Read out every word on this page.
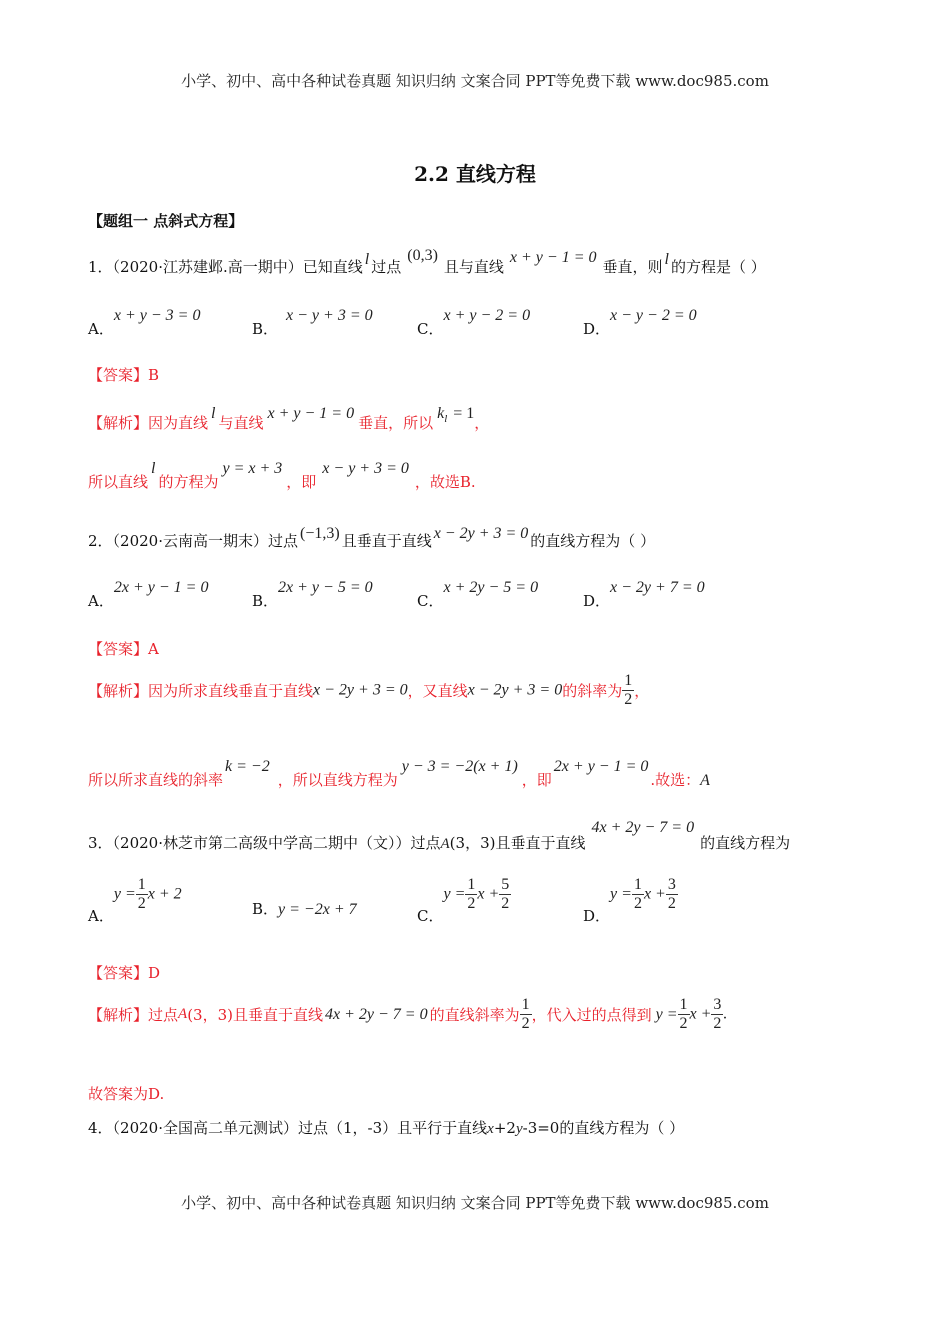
小学、初中、高中各种试卷真题 知识归纳 文案合同 PPT等免费下载 www.doc985.com
2.2 直线方程
【题组一 点斜式方程】
1．（2020·江苏建邺.高一期中）已知直线 l 过点(0,3)且与直线x + y − 1 = 0垂直，则 l 的方程是（ ）
A．x + y − 3 = 0
B．x − y + 3 = 0
C．x + y − 2 = 0
D．x − y − 2 = 0
【答案】B
【解析】因为直线l与直线x + y − 1 = 0垂直，所以$k_l = 1$，
所以直线l的方程为y = x + 3，即x − y + 3 = 0，故选B.
2．（2020·云南高一期末）过点 (−1,3) 且垂直于直线 x − 2y + 3 = 0 的直线方程为（ ）
A．2x + y − 1 = 0
B．2x + y − 5 = 0
C．x + 2y − 5 = 0
D．x − 2y + 7 = 0
【答案】A
【解析】因为所求直线垂直于直线x − 2y + 3 = 0，又直线x − 2y + 3 = 0的斜率为 $\frac{1}{2}$ ，
所以所求直线的斜率k = −2，所以直线方程为y − 3 = −2(x + 1)，即2x + y − 1 = 0.故选：A
3．（2020·林芝市第二高级中学高二期中（文））过点A(3，3)且垂直于直线4x + 2y − 7 = 0的直线方程为
A．$y = \frac{1}{2}$ x + 2
B．y = −2x + 7	C．$y = \frac{1}{2}$ $x + \frac{5}{2}$
D．$y = \frac{1}{2}$ $x + \frac{3}{2}$
【答案】D
【解析】过点A(3，3)且垂直于直线 4x + 2y − 7 = 0 的直线斜率为 $\frac{1}{2}$ ，代入过的点得到 $y = \frac{1}{2}$ $x + \frac{3}{2}$ .
故答案为D.
4．（2020·全国高二单元测试）过点（1，-3）且平行于直线x+2y-3=0的直线方程为（ ）
小学、初中、高中各种试卷真题 知识归纳 文案合同 PPT等免费下载 www.doc985.com
